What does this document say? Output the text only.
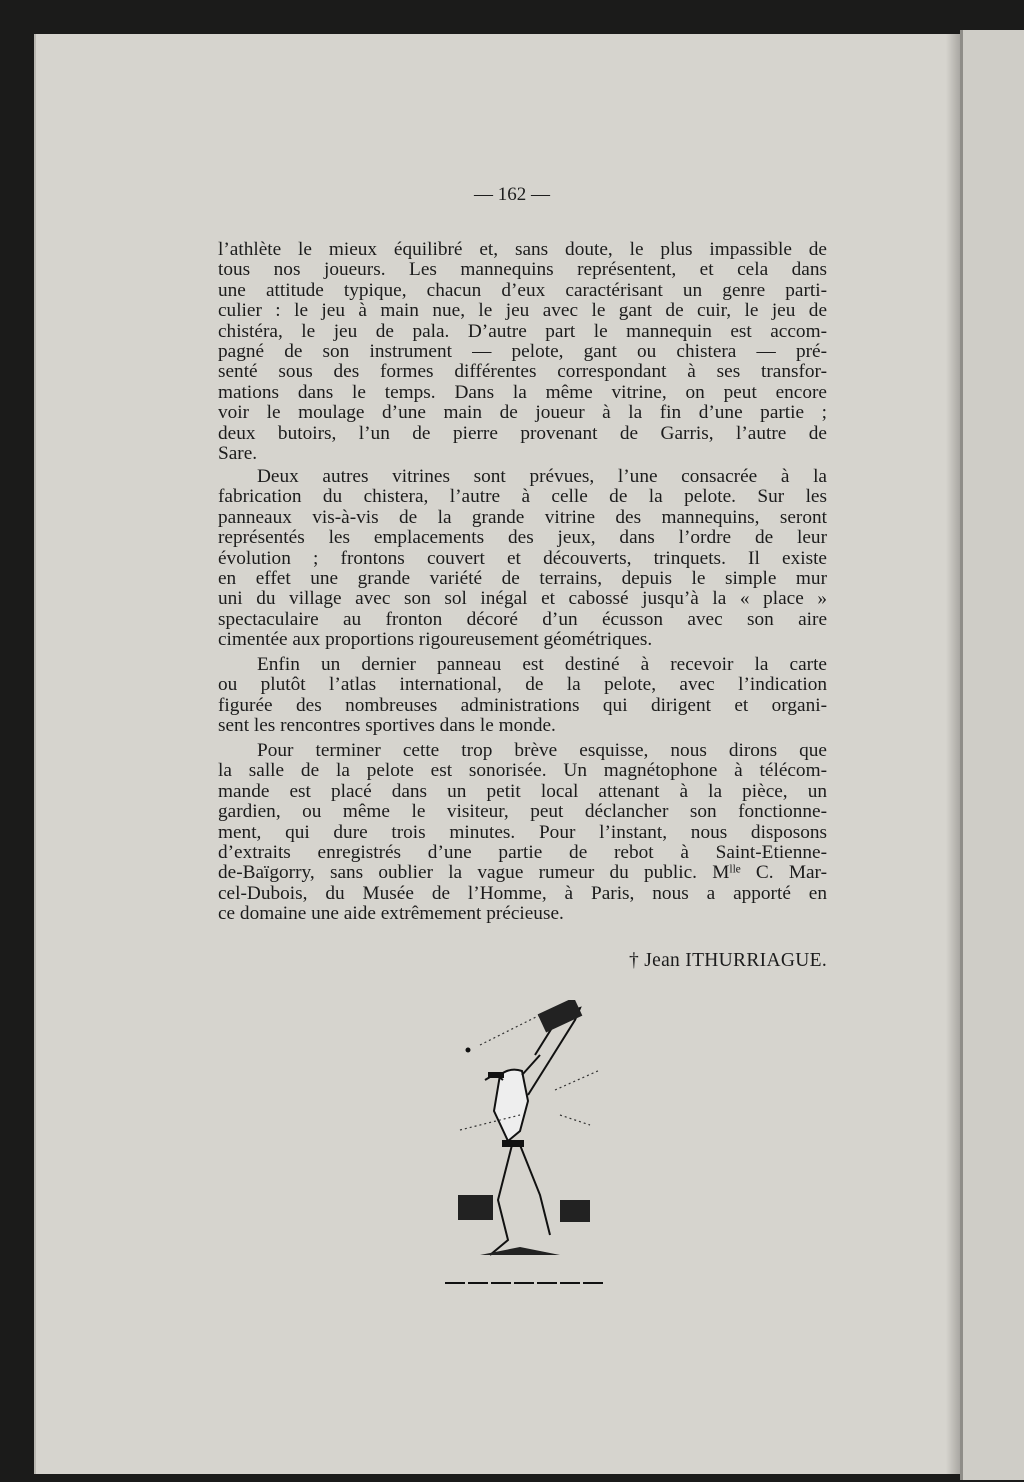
— 162 —
l’athlète le mieux équilibré et, sans doute, le plus impassible de
tous nos joueurs. Les mannequins représentent, et cela dans
une attitude typique, chacun d’eux caractérisant un genre parti-
culier : le jeu à main nue, le jeu avec le gant de cuir, le jeu de
chistéra, le jeu de pala. D’autre part le mannequin est accom-
pagné de son instrument — pelote, gant ou chistera — pré-
senté sous des formes différentes correspondant à ses transfor-
mations dans le temps. Dans la même vitrine, on peut encore
voir le moulage d’une main de joueur à la fin d’une partie ;
deux butoirs, l’un de pierre provenant de Garris, l’autre de
Sare.
Deux autres vitrines sont prévues, l’une consacrée à la
fabrication du chistera, l’autre à celle de la pelote. Sur les
panneaux vis-à-vis de la grande vitrine des mannequins, seront
représentés les emplacements des jeux, dans l’ordre de leur
évolution ; frontons couvert et découverts, trinquets. Il existe
en effet une grande variété de terrains, depuis le simple mur
uni du village avec son sol inégal et cabossé jusqu’à la « place »
spectaculaire au fronton décoré d’un écusson avec son aire
cimentée aux proportions rigoureusement géométriques.
Enfin un dernier panneau est destiné à recevoir la carte
ou plutôt l’atlas international, de la pelote, avec l’indication
figurée des nombreuses administrations qui dirigent et organi-
sent les rencontres sportives dans le monde.
Pour terminer cette trop brève esquisse, nous dirons que
la salle de la pelote est sonorisée. Un magnétophone à télécom-
mande est placé dans un petit local attenant à la pièce, un
gardien, ou même le visiteur, peut déclancher son fonctionne-
ment, qui dure trois minutes. Pour l’instant, nous disposons
d’extraits enregistrés d’une partie de rebot à Saint-Etienne-
de-Baïgorry, sans oublier la vague rumeur du public. Mˡˡᵉ C. Mar-
cel-Dubois, du Musée de l’Homme, à Paris, nous a apporté en
ce domaine une aide extrêmement précieuse.
† Jean ITHURRIAGUE.
